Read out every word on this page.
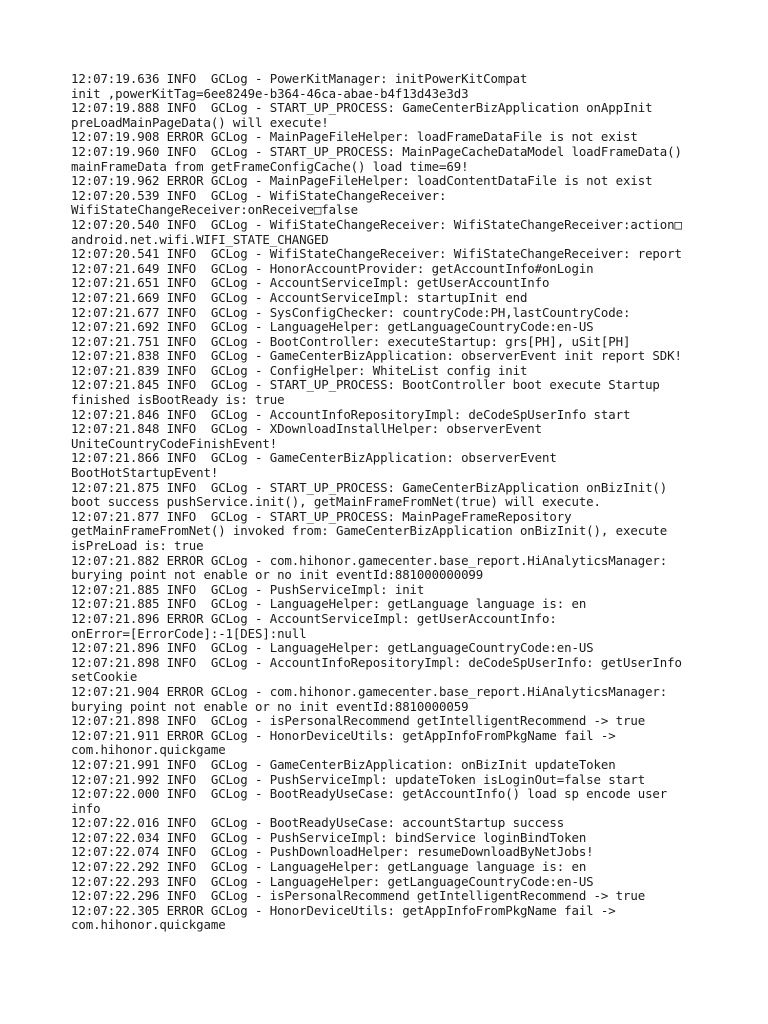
12:07:19.636 INFO  GCLog - PowerKitManager: initPowerKitCompat
init ,powerKitTag=6ee8249e-b364-46ca-abae-b4f13d43e3d3
12:07:19.888 INFO  GCLog - START_UP_PROCESS: GameCenterBizApplication onAppInit
preLoadMainPageData() will execute!
12:07:19.908 ERROR GCLog - MainPageFileHelper: loadFrameDataFile is not exist
12:07:19.960 INFO  GCLog - START_UP_PROCESS: MainPageCacheDataModel loadFrameData()
mainFrameData from getFrameConfigCache() load time=69!
12:07:19.962 ERROR GCLog - MainPageFileHelper: loadContentDataFile is not exist
12:07:20.539 INFO  GCLog - WifiStateChangeReceiver:
WifiStateChangeReceiver:onReceive□false
12:07:20.540 INFO  GCLog - WifiStateChangeReceiver: WifiStateChangeReceiver:action□
android.net.wifi.WIFI_STATE_CHANGED
12:07:20.541 INFO  GCLog - WifiStateChangeReceiver: WifiStateChangeReceiver: report
12:07:21.649 INFO  GCLog - HonorAccountProvider: getAccountInfo#onLogin
12:07:21.651 INFO  GCLog - AccountServiceImpl: getUserAccountInfo
12:07:21.669 INFO  GCLog - AccountServiceImpl: startupInit end
12:07:21.677 INFO  GCLog - SysConfigChecker: countryCode:PH,lastCountryCode:
12:07:21.692 INFO  GCLog - LanguageHelper: getLanguageCountryCode:en-US
12:07:21.751 INFO  GCLog - BootController: executeStartup: grs[PH], uSit[PH]
12:07:21.838 INFO  GCLog - GameCenterBizApplication: observerEvent init report SDK!
12:07:21.839 INFO  GCLog - ConfigHelper: WhiteList config init
12:07:21.845 INFO  GCLog - START_UP_PROCESS: BootController boot execute Startup
finished isBootReady is: true
12:07:21.846 INFO  GCLog - AccountInfoRepositoryImpl: deCodeSpUserInfo start
12:07:21.848 INFO  GCLog - XDownloadInstallHelper: observerEvent
UniteCountryCodeFinishEvent!
12:07:21.866 INFO  GCLog - GameCenterBizApplication: observerEvent
BootHotStartupEvent!
12:07:21.875 INFO  GCLog - START_UP_PROCESS: GameCenterBizApplication onBizInit()
boot success pushService.init(), getMainFrameFromNet(true) will execute.
12:07:21.877 INFO  GCLog - START_UP_PROCESS: MainPageFrameRepository
getMainFrameFromNet() invoked from: GameCenterBizApplication onBizInit(), execute
isPreLoad is: true
12:07:21.882 ERROR GCLog - com.hihonor.gamecenter.base_report.HiAnalyticsManager:
burying point not enable or no init eventId:881000000099
12:07:21.885 INFO  GCLog - PushServiceImpl: init
12:07:21.885 INFO  GCLog - LanguageHelper: getLanguage language is: en
12:07:21.896 ERROR GCLog - AccountServiceImpl: getUserAccountInfo:
onError=[ErrorCode]:-1[DES]:null
12:07:21.896 INFO  GCLog - LanguageHelper: getLanguageCountryCode:en-US
12:07:21.898 INFO  GCLog - AccountInfoRepositoryImpl: deCodeSpUserInfo: getUserInfo
setCookie
12:07:21.904 ERROR GCLog - com.hihonor.gamecenter.base_report.HiAnalyticsManager:
burying point not enable or no init eventId:8810000059
12:07:21.898 INFO  GCLog - isPersonalRecommend getIntelligentRecommend -> true
12:07:21.911 ERROR GCLog - HonorDeviceUtils: getAppInfoFromPkgName fail ->
com.hihonor.quickgame
12:07:21.991 INFO  GCLog - GameCenterBizApplication: onBizInit updateToken
12:07:21.992 INFO  GCLog - PushServiceImpl: updateToken isLoginOut=false start
12:07:22.000 INFO  GCLog - BootReadyUseCase: getAccountInfo() load sp encode user
info
12:07:22.016 INFO  GCLog - BootReadyUseCase: accountStartup success
12:07:22.034 INFO  GCLog - PushServiceImpl: bindService loginBindToken
12:07:22.074 INFO  GCLog - PushDownloadHelper: resumeDownloadByNetJobs!
12:07:22.292 INFO  GCLog - LanguageHelper: getLanguage language is: en
12:07:22.293 INFO  GCLog - LanguageHelper: getLanguageCountryCode:en-US
12:07:22.296 INFO  GCLog - isPersonalRecommend getIntelligentRecommend -> true
12:07:22.305 ERROR GCLog - HonorDeviceUtils: getAppInfoFromPkgName fail ->
com.hihonor.quickgame
